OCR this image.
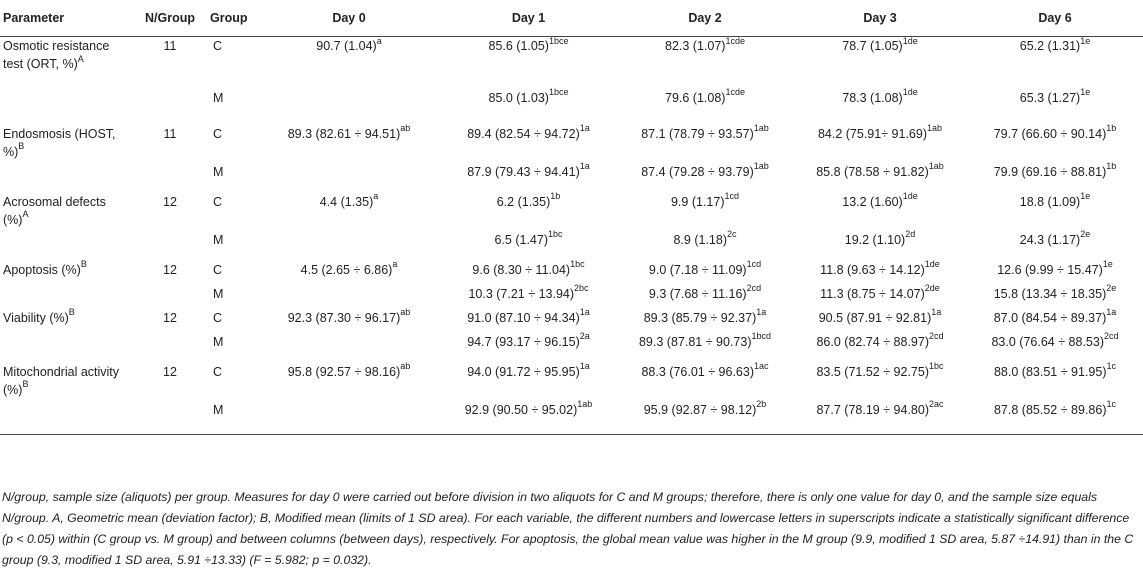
Parameter	N/Group	Group	Day 0	Day 1	Day 2	Day 3	Day 6
Osmotic resistance test (ORT, %)$^A$	11	C	90.7 $(1.04)^a$	85.6 $(1.05)^{1bce}$	82.3 $(1.07)^{1cde}$	78.7 $(1.05)^{1de}$	65.2 $(1.31)^{1e}$
		M		85.0 $(1.03)^{1bce}$	79.6 $(1.08)^{1cde}$	78.3 $(1.08)^{1de}$	65.3 $(1.27)^{1e}$
Endosmosis (HOST, %)$^B$	11	C	89.3 $(82.61 \div 94.51)^{ab}$	89.4 $(82.54 \div 94.72)^{1a}$	87.1 $(78.79 \div 93.57)^{1ab}$	84.2 $(75.91\div 91.69)^{1ab}$	79.7 $(66.60 \div 90.14)^{1b}$
		M		87.9 $(79.43 \div 94.41)^{1a}$	87.4 $(79.28 \div 93.79)^{1ab}$	85.8 $(78.58 \div 91.82)^{1ab}$	79.9 $(69.16 \div 88.81)^{1b}$
Acrosomal defects (%)$^A$	12	C	4.4 $(1.35)^a$	6.2 $(1.35)^{1b}$	9.9 $(1.17)^{1cd}$	13.2 $(1.60)^{1de}$	18.8 $(1.09)^{1e}$
		M		6.5 $(1.47)^{1bc}$	8.9 $(1.18)^{2c}$	19.2 $(1.10)^{2d}$	24.3 $(1.17)^{2e}$
Apoptosis (%)$^B$	12	C	4.5 $(2.65 \div 6.86)^a$	9.6 $(8.30 \div 11.04)^{1bc}$	9.0 $(7.18 \div 11.09)^{1cd}$	11.8 $(9.63 \div 14.12)^{1de}$	12.6 $(9.99 \div 15.47)^{1e}$
		M		10.3 $(7.21 \div 13.94)^{2bc}$	9.3 $(7.68 \div 11.16)^{2cd}$	11.3 $(8.75 \div 14.07)^{2de}$	15.8 $(13.34 \div 18.35)^{2e}$
Viability (%)$^B$	12	C	92.3 $(87.30 \div 96.17)^{ab}$	91.0 $(87.10 \div 94.34)^{1a}$	89.3 $(85.79 \div 92.37)^{1a}$	90.5 $(87.91 \div 92.81)^{1a}$	87.0 $(84.54 \div 89.37)^{1a}$
		M		94.7 $(93.17 \div 96.15)^{2a}$	89.3 $(87.81 \div 90.73)^{1bcd}$	86.0 $(82.74 \div 88.97)^{2cd}$	83.0 $(76.64 \div 88.53)^{2cd}$
Mitochondrial activity (%)$^B$	12	C	95.8 $(92.57 \div 98.16)^{ab}$	94.0 $(91.72 \div 95.95)^{1a}$	88.3 $(76.01 \div 96.63)^{1ac}$	83.5 $(71.52 \div 92.75)^{1bc}$	88.0 $(83.51 \div 91.95)^{1c}$
		M		92.9 $(90.50 \div 95.02)^{1ab}$	95.9 $(92.87 \div 98.12)^{2b}$	87.7 $(78.19 \div 94.80)^{2ac}$	87.8 $(85.52 \div 89.86)^{1c}$

N/group, sample size (aliquots) per group. Measures for day 0 were carried out before division in two aliquots for C and M groups; therefore, there is only one value for day 0, and the sample size equals N/group. A, Geometric mean (deviation factor); B, Modified mean (limits of 1 SD area). For each variable, the different numbers and lowercase letters in superscripts indicate a statistically significant difference (p < 0.05) within (C group vs. M group) and between columns (between days), respectively. For apoptosis, the global mean value was higher in the M group (9.9, modified 1 SD area, 5.87 ÷14.91) than in the C group (9.3, modified 1 SD area, 5.91 ÷13.33) (F = 5.982; p = 0.032).
